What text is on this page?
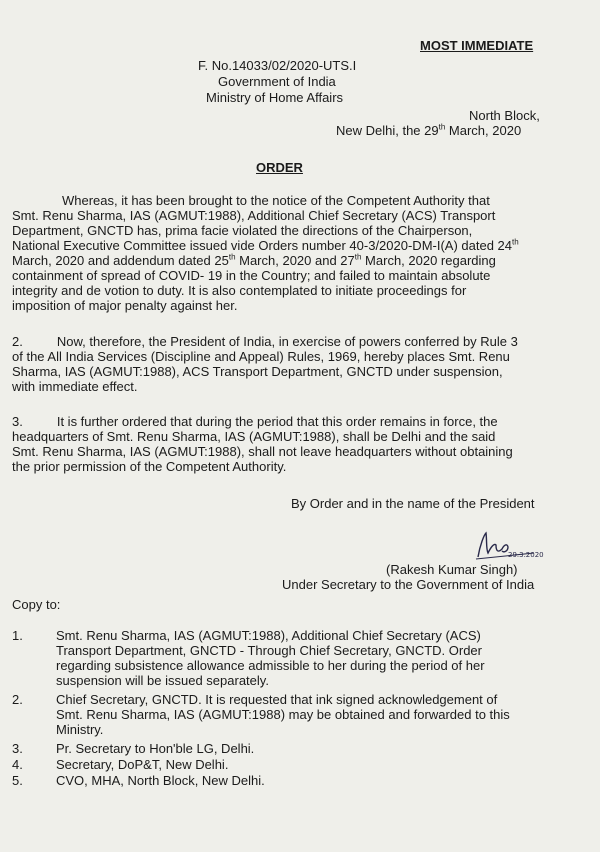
MOST IMMEDIATE
F. No.14033/02/2020-UTS.I
Government of India
Ministry of Home Affairs
North Block,
New Delhi, the 29th March, 2020
ORDER
Whereas, it has been brought to the notice of the Competent Authority that
Smt. Renu Sharma, IAS (AGMUT:1988), Additional Chief Secretary (ACS) Transport
Department, GNCTD has, prima facie violated the directions of the Chairperson,
National Executive Committee issued vide Orders number 40-3/2020-DM-I(A) dated 24th
March, 2020 and addendum dated 25th March, 2020 and 27th March, 2020 regarding
containment of spread of COVID- 19 in the Country; and failed to maintain absolute
integrity and de votion to duty. It is also contemplated to initiate proceedings for
imposition of major penalty against her.
2.	Now, therefore, the President of India, in exercise of powers conferred by Rule 3
of the All India Services (Discipline and Appeal) Rules, 1969, hereby places Smt. Renu
Sharma, IAS (AGMUT:1988), ACS Transport Department, GNCTD under suspension,
with immediate effect.
3.	It is further ordered that during the period that this order remains in force, the
headquarters of Smt. Renu Sharma, IAS (AGMUT:1988), shall be Delhi and the said
Smt. Renu Sharma, IAS (AGMUT:1988), shall not leave headquarters without obtaining
the prior permission of the Competent Authority.
By Order and in the name of the President
29.3.2020
(Rakesh Kumar Singh)
Under Secretary to the Government of India
Copy to:
1.	Smt. Renu Sharma, IAS (AGMUT:1988), Additional Chief Secretary (ACS)
Transport Department, GNCTD - Through Chief Secretary, GNCTD. Order
regarding subsistence allowance admissible to her during the period of her
suspension will be issued separately.
2.	Chief Secretary, GNCTD. It is requested that ink signed acknowledgement of
Smt. Renu Sharma, IAS (AGMUT:1988) may be obtained and forwarded to this
Ministry.
3.	Pr. Secretary to Hon'ble LG, Delhi.
4.	Secretary, DoP&T, New Delhi.
5.	CVO, MHA, North Block, New Delhi.
